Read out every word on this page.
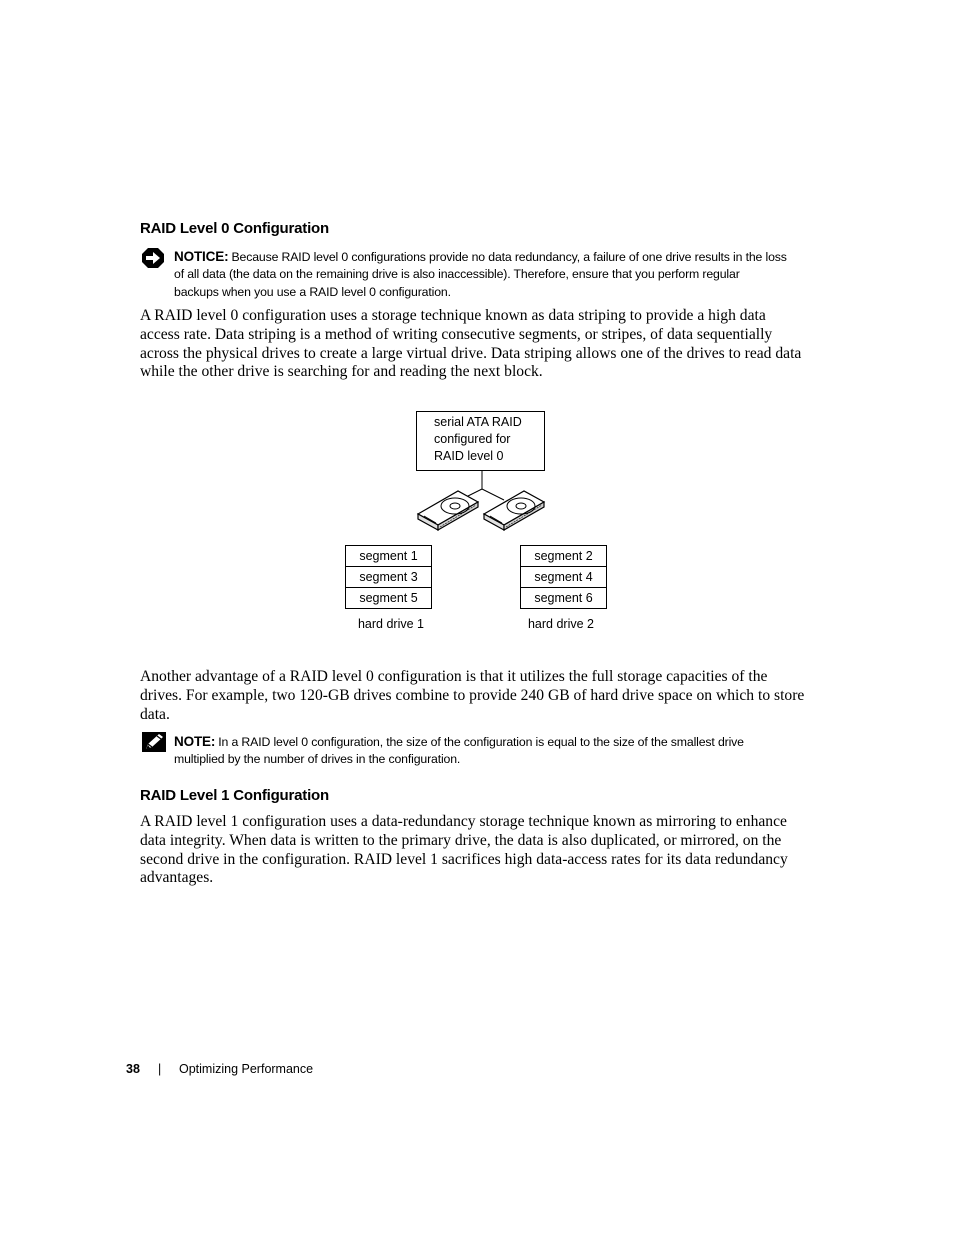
RAID Level 0 Configuration
NOTICE: Because RAID level 0 configurations provide no data redundancy, a failure of one drive results in the loss
of all data (the data on the remaining drive is also inaccessible). Therefore, ensure that you perform regular
backups when you use a RAID level 0 configuration.
A RAID level 0 configuration uses a storage technique known as data striping to provide a high data
access rate. Data striping is a method of writing consecutive segments, or stripes, of data sequentially
across the physical drives to create a large virtual drive. Data striping allows one of the drives to read data
while the other drive is searching for and reading the next block.
serial ATA RAID
configured for
RAID level 0
segment 1
segment 3
segment 5
hard drive 1
segment 2
segment 4
segment 6
hard drive 2
Another advantage of a RAID level 0 configuration is that it utilizes the full storage capacities of the
drives. For example, two 120-GB drives combine to provide 240 GB of hard drive space on which to store
data.
NOTE: In a RAID level 0 configuration, the size of the configuration is equal to the size of the smallest drive
multiplied by the number of drives in the configuration.
RAID Level 1 Configuration
A RAID level 1 configuration uses a data-redundancy storage technique known as mirroring to enhance
data integrity. When data is written to the primary drive, the data is also duplicated, or mirrored, on the
second drive in the configuration. RAID level 1 sacrifices high data-access rates for its data redundancy
advantages.
38 | Optimizing Performance
